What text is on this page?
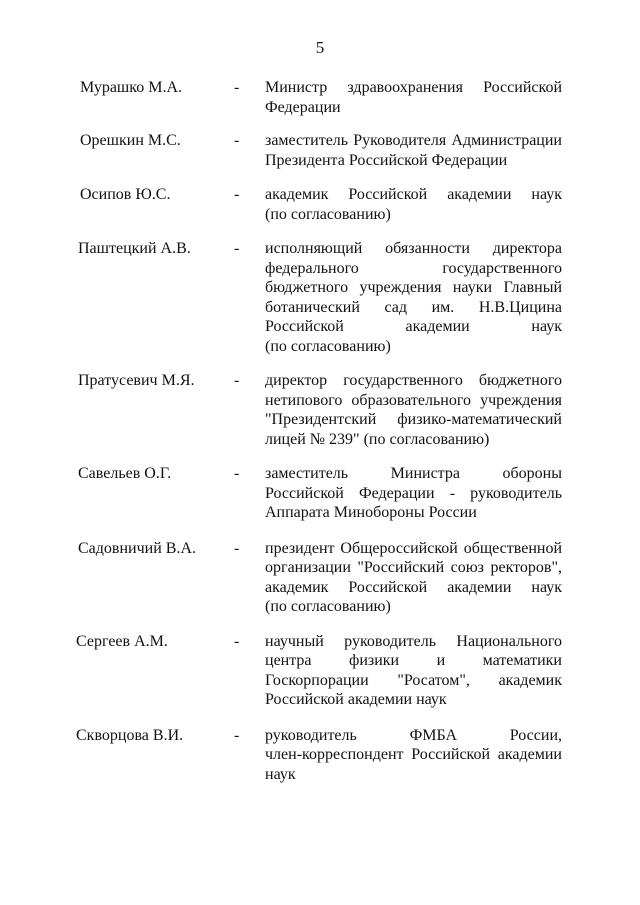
5
Мурашко М.А.	- Министр здравоохранения Российской
Федерации
Орешкин М.С.	- заместитель Руководителя Администрации
Президента Российской Федерации
Осипов Ю.С.	- академик Российской академии наук
(по согласованию)
Паштецкий А.В.	- исполняющий обязанности директора
федерального государственного
бюджетного учреждения науки Главный
ботанический сад им. Н.В.Цицина
Российской академии наук
(по согласованию)
Пратусевич М.Я.	- директор государственного бюджетного
нетипового образовательного учреждения
"Президентский физико-математический
лицей № 239" (по согласованию)
Савельев О.Г.	- заместитель Министра обороны
Российской Федерации - руководитель
Аппарата Минобороны России
Садовничий В.А.	- президент Общероссийской общественной
организации "Российский союз ректоров",
академик Российской академии наук
(по согласованию)
Сергеев А.М.	- научный руководитель Национального
центра физики и математики
Госкорпорации "Росатом", академик
Российской академии наук
Скворцова В.И.	- руководитель ФМБА России,
член-корреспондент Российской академии
наук
